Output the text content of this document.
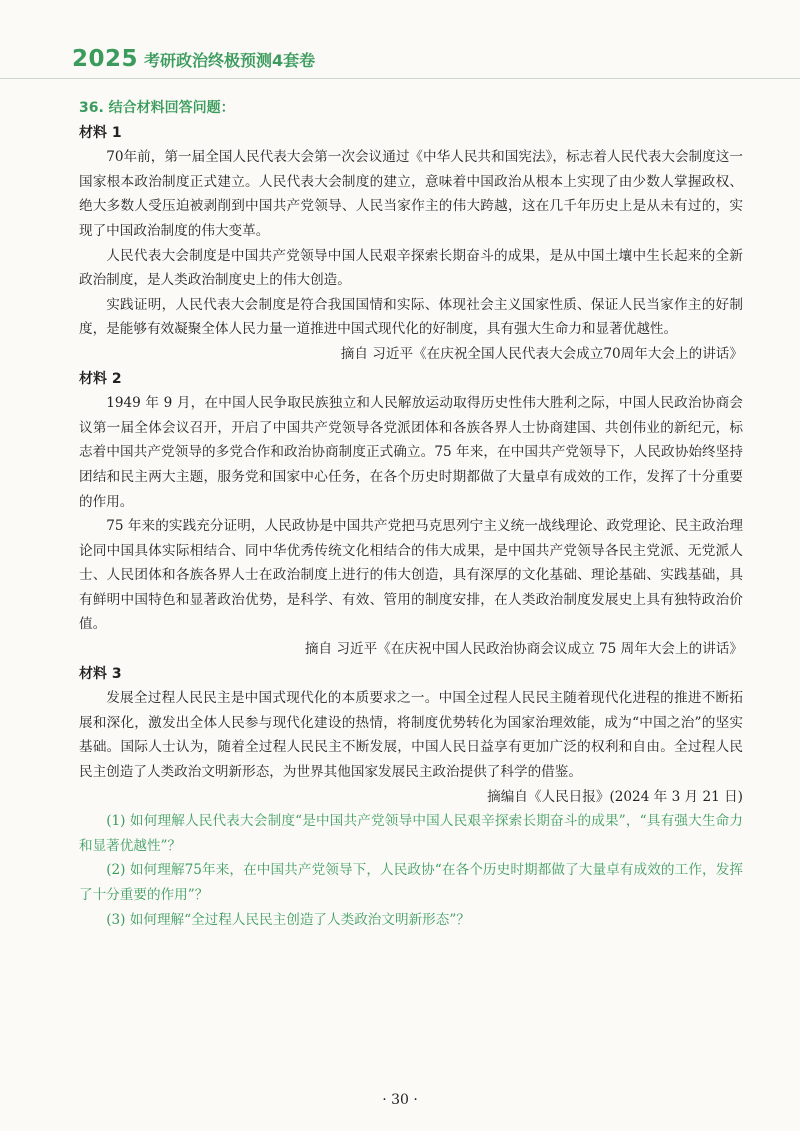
2025 考研政治终极预测4套卷
36. 结合材料回答问题：
材料 1

70年前，第一届全国人民代表大会第一次会议通过《中华人民共和国宪法》，标志着人民代表大会制度这一国家根本政治制度正式建立。人民代表大会制度的建立，意味着中国政治从根本上实现了由少数人掌握政权、绝大多数人受压迫被剥削到中国共产党领导、人民当家作主的伟大跨越，这在几千年历史上是从未有过的，实现了中国政治制度的伟大变革。

人民代表大会制度是中国共产党领导中国人民艰辛探索长期奋斗的成果，是从中国土壤中生长起来的全新政治制度，是人类政治制度史上的伟大创造。

实践证明，人民代表大会制度是符合我国国情和实际、体现社会主义国家性质、保证人民当家作主的好制度，是能够有效凝聚全体人民力量一道推进中国式现代化的好制度，具有强大生命力和显著优越性。

摘自 习近平《在庆祝全国人民代表大会成立70周年大会上的讲话》

材料 2

1949 年 9 月，在中国人民争取民族独立和人民解放运动取得历史性伟大胜利之际，中国人民政治协商会议第一届全体会议召开，开启了中国共产党领导各党派团体和各族各界人士协商建国、共创伟业的新纪元，标志着中国共产党领导的多党合作和政治协商制度正式确立。75 年来，在中国共产党领导下，人民政协始终坚持团结和民主两大主题，服务党和国家中心任务，在各个历史时期都做了大量卓有成效的工作，发挥了十分重要的作用。

75 年来的实践充分证明，人民政协是中国共产党把马克思列宁主义统一战线理论、政党理论、民主政治理论同中国具体实际相结合、同中华优秀传统文化相结合的伟大成果，是中国共产党领导各民主党派、无党派人士、人民团体和各族各界人士在政治制度上进行的伟大创造，具有深厚的文化基础、理论基础、实践基础，具有鲜明中国特色和显著政治优势，是科学、有效、管用的制度安排，在人类政治制度发展史上具有独特政治价值。

摘自 习近平《在庆祝中国人民政治协商会议成立 75 周年大会上的讲话》

材料 3

发展全过程人民民主是中国式现代化的本质要求之一。中国全过程人民民主随着现代化进程的推进不断拓展和深化，激发出全体人民参与现代化建设的热情，将制度优势转化为国家治理效能，成为“中国之治”的坚实基础。国际人士认为，随着全过程人民民主不断发展，中国人民日益享有更加广泛的权利和自由。全过程人民民主创造了人类政治文明新形态，为世界其他国家发展民主政治提供了科学的借鉴。

摘编自《人民日报》(2024 年 3 月 21 日)

(1) 如何理解人民代表大会制度“是中国共产党领导中国人民艰辛探索长期奋斗的成果”，“具有强大生命力和显著优越性”？

(2) 如何理解75年来，在中国共产党领导下，人民政协“在各个历史时期都做了大量卓有成效的工作，发挥了十分重要的作用”？

(3) 如何理解“全过程人民民主创造了人类政治文明新形态”？

· 30 ·
